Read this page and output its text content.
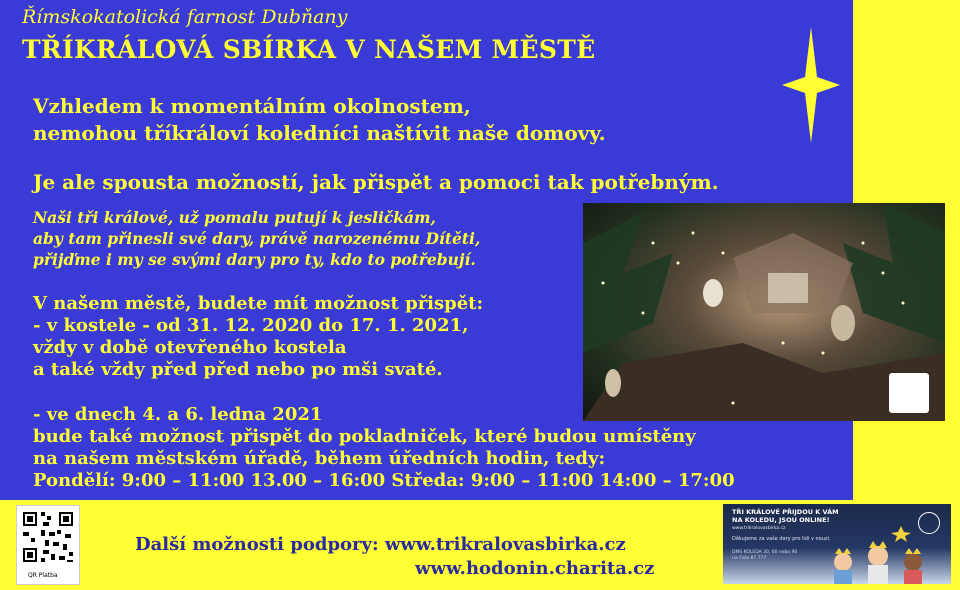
Římskokatolická farnost Dubňany
TŘÍKRÁLOVÁ SBÍRKA V NAŠEM MĚSTĚ
Vzhledem k momentálním okolnostem,
nemohou tříkráloví koledníci naštívit naše domovy.
Je ale spousta možností, jak přispět a pomoci tak potřebným.
Naši tři králové, už pomalu putují k jesličkám,
aby tam přinesli své dary, právě narozenému Dítěti,
přijďme i my se svými dary pro ty, kdo to potřebují.
V našem městě, budete mít možnost přispět:
- v kostele - od 31. 12. 2020 do 17. 1. 2021,
vždy v době otevřeného kostela
a také vždy před před nebo po mši svaté.
- ve dnech 4. a 6. ledna 2021
bude také možnost přispět do pokladniček, které budou umístěny
na našem městském úřadě, během úředních hodin, tedy:
Pondělí: 9:00 – 11:00 13.00 – 16:00 Středa: 9:00 – 11:00 14:00 – 17:00
Další možnosti podpory: www.trikralovasbirka.cz
www.hodonin.charita.cz
QR Platba
TŘI KRÁLOVÉ PŘIJDOU K VÁM
NA KOLEDU, JSOU ONLINE!
www.trikralovasbirka.cz
Děkujeme za vaše dary pro lidi v nouzi.
DMS KOLEDA 30, 60 nebo 90
na číslo 87 777
